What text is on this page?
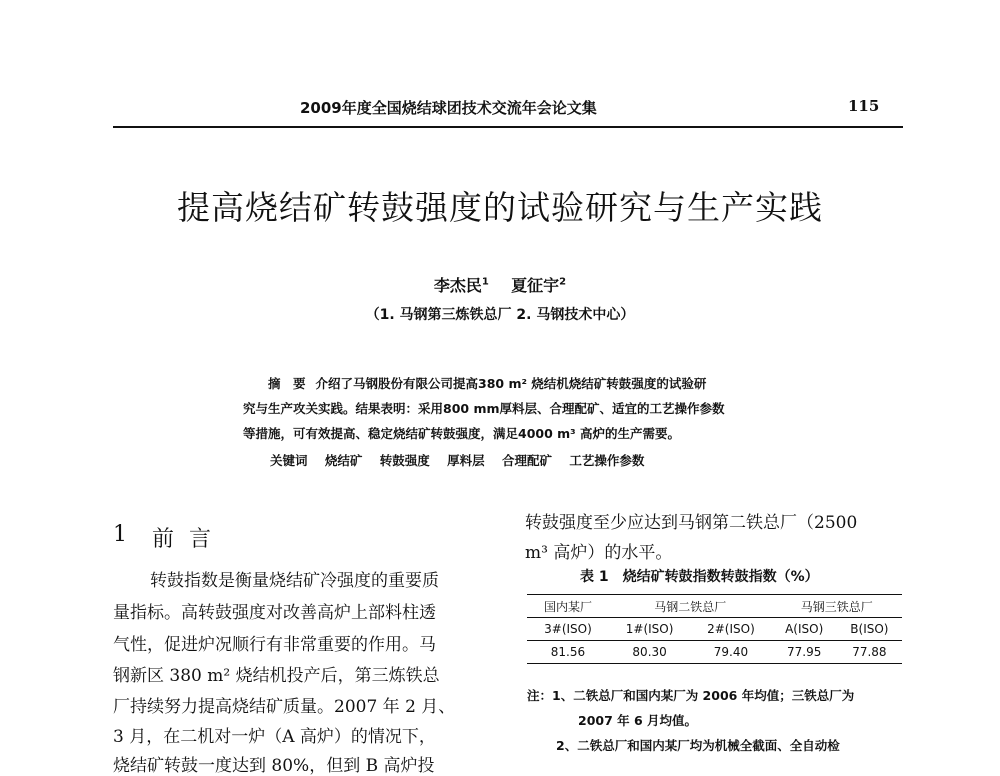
2009年度全国烧结球团技术交流年会论文集	115
提高烧结矿转鼓强度的试验研究与生产实践
李杰民$^1$ 夏征宇$^2$
（1. 马钢第三炼铁总厂 2. 马钢技术中心）
摘　要 介绍了马钢股份有限公司提高380 m² 烧结机烧结矿转鼓强度的试验研
究与生产攻关实践。结果表明：采用800 mm厚料层、合理配矿、适宜的工艺操作参数
等措施，可有效提高、稳定烧结矿转鼓强度，满足4000 m³ 高炉的生产需要。
关键词 烧结矿 转鼓强度 厚料层 合理配矿 工艺操作参数
1 前言
转鼓指数是衡量烧结矿冷强度的重要质
量指标。高转鼓强度对改善高炉上部料柱透
气性，促进炉况顺行有非常重要的作用。马
钢新区 380 m² 烧结机投产后，第三炼铁总
厂持续努力提高烧结矿质量。2007 年 2 月、
3 月，在二机对一炉（A 高炉）的情况下，
烧结矿转鼓一度达到 80%，但到 B 高炉投
转鼓强度至少应达到马钢第二铁总厂（2500
m³ 高炉）的水平。
表 1　烧结矿转鼓指数转鼓指数（%）
国内某厂	马钢二铁总厂		马钢三铁总厂	
3#(ISO)	1#(ISO)	2#(ISO)	A(ISO)	B(ISO)
81.56	80.30	79.40	77.95	77.88
注：1、二铁总厂和国内某厂为 2006 年均值；三铁总厂为
2007 年 6 月均值。
2、二铁总厂和国内某厂均为机械全截面、全自动检
